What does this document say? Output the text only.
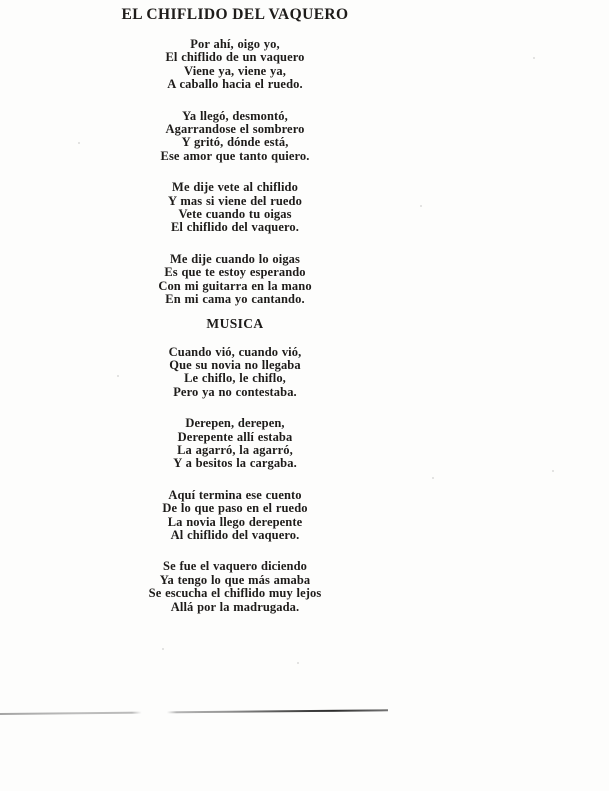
EL CHIFLIDO DEL VAQUERO
Por ahí, oigo yo,
El chiflido de un vaquero
Viene ya, viene ya,
A caballo hacia el ruedo.
Ya llegó, desmontó,
Agarrandose el sombrero
Y gritó, dónde está,
Ese amor que tanto quiero.
Me dije vete al chiflido
Y mas si viene del ruedo
Vete cuando tu oigas
El chiflido del vaquero.
Me dije cuando lo oigas
Es que te estoy esperando
Con mi guitarra en la mano
En mi cama yo cantando.
MUSICA
Cuando vió, cuando vió,
Que su novia no llegaba
Le chiflo, le chiflo,
Pero ya no contestaba.
Derepen, derepen,
Derepente allí estaba
La agarró, la agarró,
Y a besitos la cargaba.
Aquí termina ese cuento
De lo que paso en el ruedo
La novia llego derepente
Al chiflido del vaquero.
Se fue el vaquero diciendo
Ya tengo lo que más amaba
Se escucha el chiflido muy lejos
Allá por la madrugada.
